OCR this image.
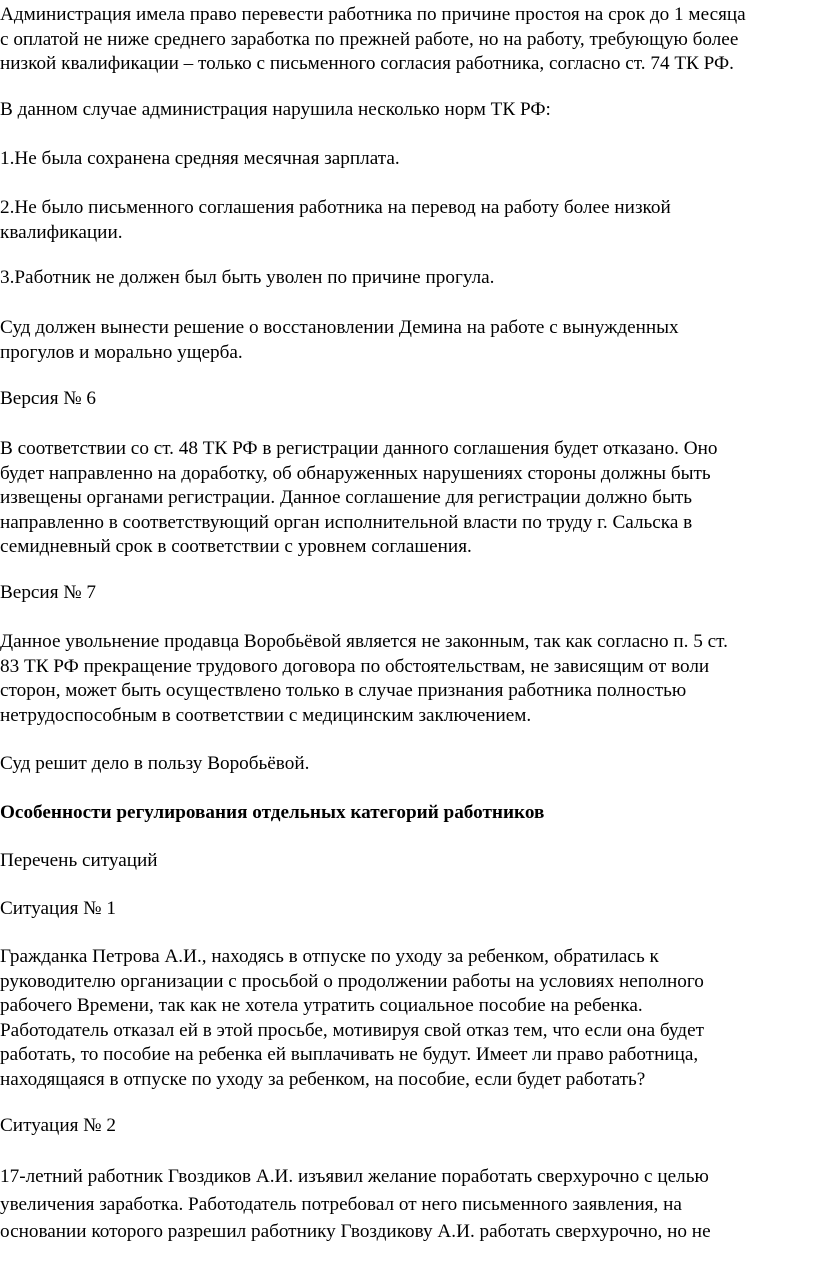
Администрация имела право перевести работника по причине простоя на срок до 1 месяца
с оплатой не ниже среднего заработка по прежней работе, но на работу, требующую более
низкой квалификации – только с письменного согласия работника, согласно ст. 74 ТК РФ.
В данном случае администрация нарушила несколько норм ТК РФ:
1.Не была сохранена средняя месячная зарплата.
2.Не было письменного соглашения работника на перевод на работу более низкой
квалификации.
3.Работник не должен был быть уволен по причине прогула.
Суд должен вынести решение о восстановлении Демина на работе с вынужденных
прогулов и морально ущерба.
Версия № 6
В соответствии со ст. 48 ТК РФ в регистрации данного соглашения будет отказано. Оно
будет направленно на доработку, об обнаруженных нарушениях стороны должны быть
извещены органами регистрации. Данное соглашение для регистрации должно быть
направленно в соответствующий орган исполнительной власти по труду г. Сальска в
семидневный срок в соответствии с уровнем соглашения.
Версия № 7
Данное увольнение продавца Воробьёвой является не законным, так как согласно п. 5 ст.
83 ТК РФ прекращение трудового договора по обстоятельствам, не зависящим от воли
сторон, может быть осуществлено только в случае признания работника полностью
нетрудоспособным в соответствии с медицинским заключением.
Суд решит дело в пользу Воробьёвой.
Особенности регулирования отдельных категорий работников
Перечень ситуаций
Ситуация № 1
Гражданка Петрова А.И., находясь в отпуске по уходу за ребенком, обратилась к
руководителю организации с просьбой о продолжении работы на условиях неполного
рабочего Времени, так как не хотела утратить социальное пособие на ребенка.
Работодатель отказал ей в этой просьбе, мотивируя свой отказ тем, что если она будет
работать, то пособие на ребенка ей выплачивать не будут. Имеет ли право работница,
находящаяся в отпуске по уходу за ребенком, на пособие, если будет работать?
Ситуация № 2
17-летний работник Гвоздиков А.И. изъявил желание поработать сверхурочно с целью
увеличения заработка. Работодатель потребовал от него письменного заявления, на
основании которого разрешил работнику Гвоздикову А.И. работать сверхурочно, но не
